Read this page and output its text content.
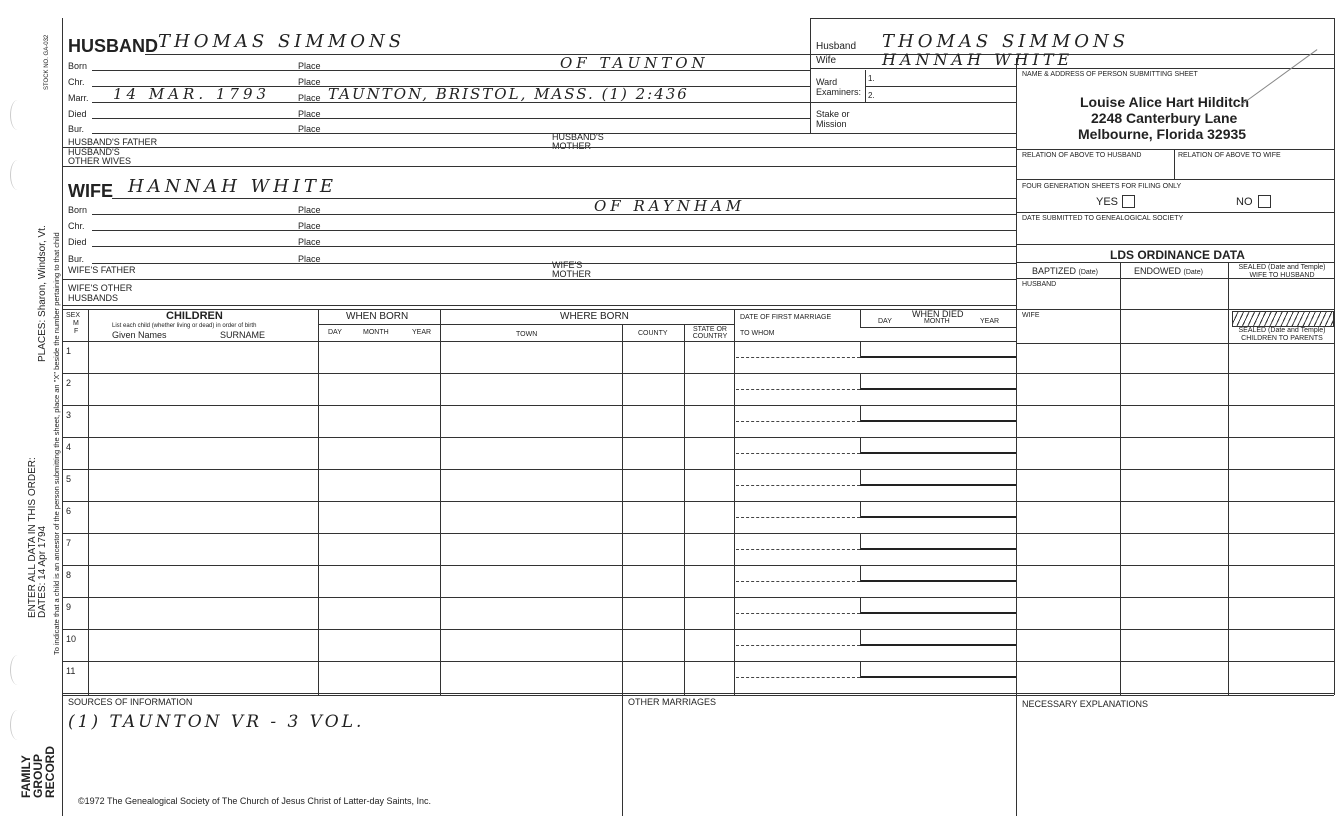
STOCK NO. GA-032
PLACES: Sharon, Windsor, Vt.
ENTER ALL DATA IN THIS ORDER: DATES: 14 Apr 1794 To indicate that a child is an ancestor of the person submitting the sheet, place an "X" beside the number pertaining to that child
FAMILY
GROUP
RECORD
HUSBAND THOMAS SIMMONS
OF TAUNTON
Born	Place
Chr.	Place
Marr. 14 MAR. 1793	Place TAUNTON, BRISTOL, MASS. (1) 2:436
Died	Place
Bur.	Place
HUSBAND'S FATHER	HUSBAND'S MOTHER
HUSBAND'S OTHER WIVES
Husband THOMAS SIMMONS
Wife	HANNAH WHITE
Ward
Examiners:
1.
2.
Stake or
Mission
NAME & ADDRESS OF PERSON SUBMITTING SHEET
Louise Alice Hart Hilditch
2248 Canterbury Lane
Melbourne, Florida 32935
RELATION OF ABOVE TO HUSBAND	RELATION OF ABOVE TO WIFE
FOUR GENERATION SHEETS FOR FILING ONLY
YES	NO
DATE SUBMITTED TO GENEALOGICAL SOCIETY
LDS ORDINANCE DATA
BAPTIZED (Date)	ENDOWED (Date)
SEALED (Date and Temple) WIFE TO HUSBAND
HUSBAND
WIFE
SEALED (Date and Temple) CHILDREN TO PARENTS
WIFE HANNAH WHITE
OF RAYNHAM
Born	Place
Chr.	Place
Died	Place
Bur.	Place
WIFE'S FATHER	WIFE'S MOTHER
WIFE'S OTHER HUSBANDS
SEX
M
F
CHILDREN
List each child (whether living or dead) in order of birth
Given Names	SURNAME
WHEN BORN
DAY	MONTH	YEAR
WHERE BORN
TOWN	COUNTY
STATE OR COUNTRY
DATE OF FIRST MARRIAGE
TO WHOM
WHEN DIED
DAY	MONTH	YEAR
1
2
3
4
5
6
7
8
9
10
11
SOURCES OF INFORMATION
(1) TAUNTON VR - 3 VOL.
OTHER MARRIAGES	NECESSARY EXPLANATIONS
©1972 The Genealogical Society of The Church of Jesus Christ of Latter-day Saints, Inc.
